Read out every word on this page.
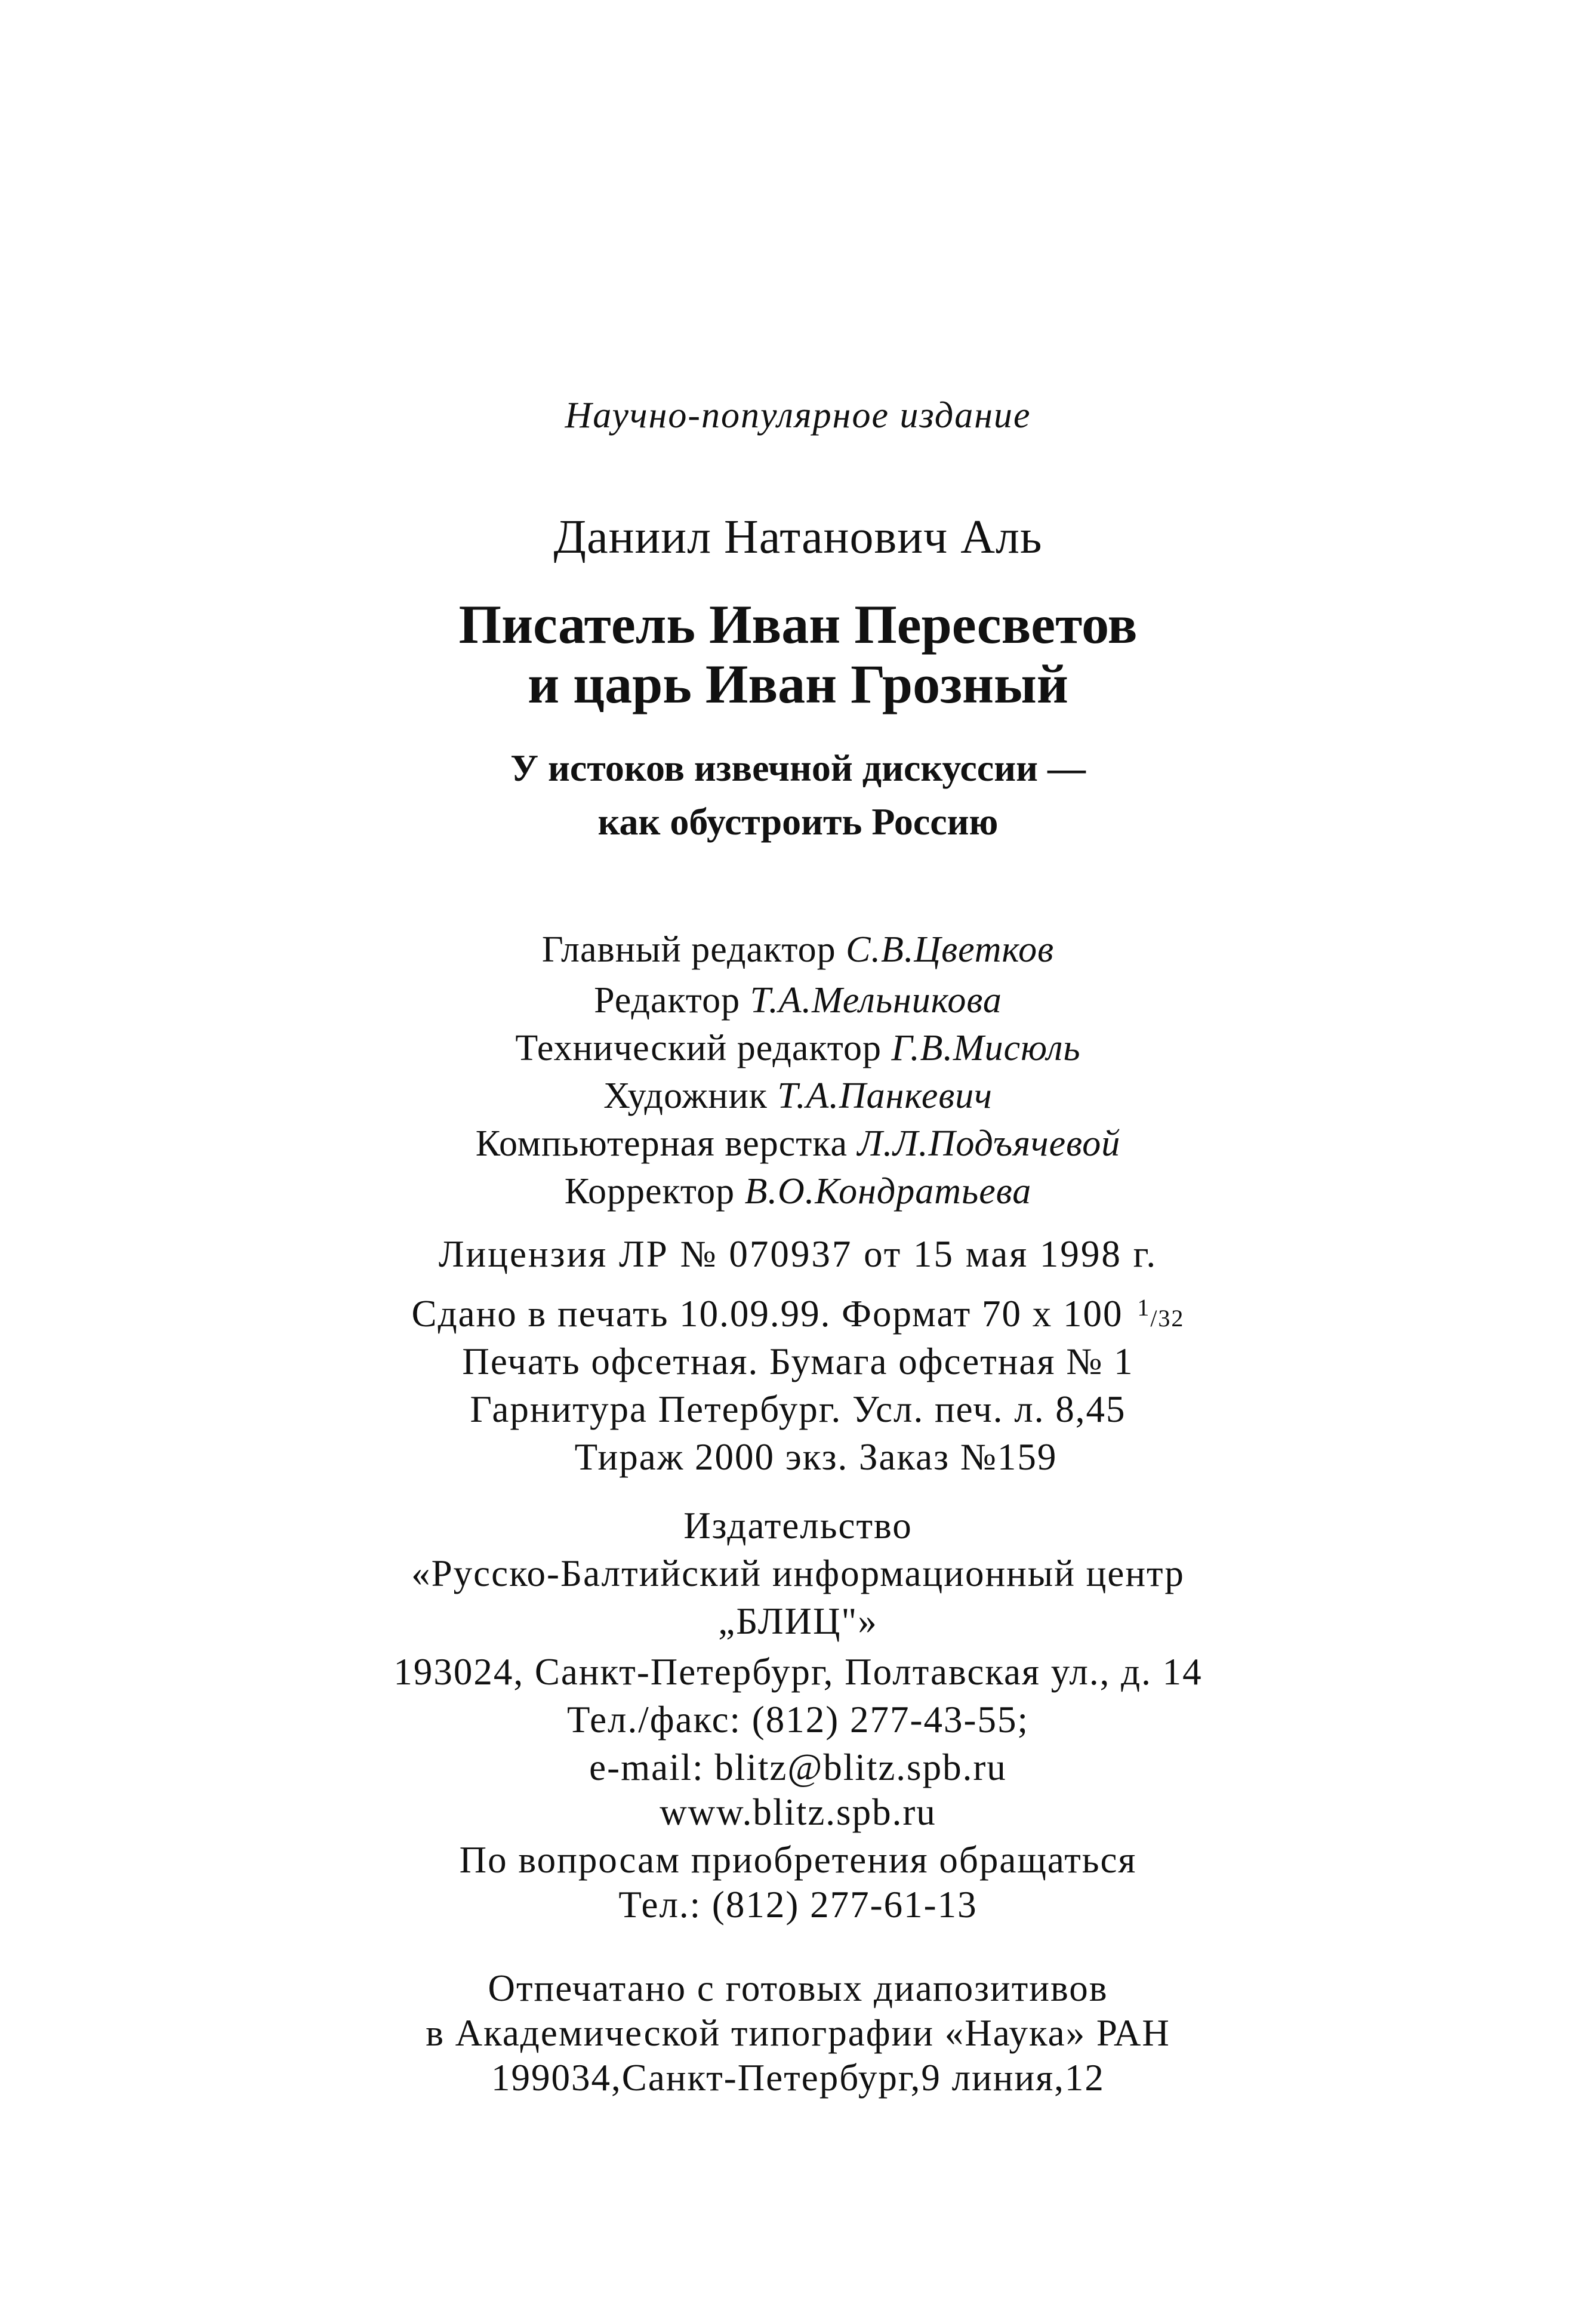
Научно-популярное издание
Даниил Натанович Аль
Писатель Иван Пересветов
и царь Иван Грозный
У истоков извечной дискуссии —
как обустроить Россию
Главный редактор С.В.Цветков
Редактор Т.А.Мельникова
Технический редактор Г.В.Мисюль
Художник Т.А.Панкевич
Компьютерная верстка Л.Л.Подъячевой
Корректор В.О.Кондратьева
Лицензия ЛР № 070937 от 15 мая 1998 г.
Сдано в печать 10.09.99. Формат 70 х 100 $^1$/32
Печать офсетная. Бумага офсетная № 1
Гарнитура Петербург. Усл. печ. л. 8,45
Тираж 2000 экз. Заказ №159
Издательство
«Русско-Балтийский информационный центр
„БЛИЦ"»
193024, Санкт-Петербург, Полтавская ул., д. 14
Тел./факс: (812) 277-43-55;
e-mail: blitz@blitz.spb.ru
www.blitz.spb.ru
По вопросам приобретения обращаться
Тел.: (812) 277-61-13
Отпечатано с готовых диапозитивов
в Академической типографии «Наука» РАН
199034,Санкт-Петербург,9 линия,12
